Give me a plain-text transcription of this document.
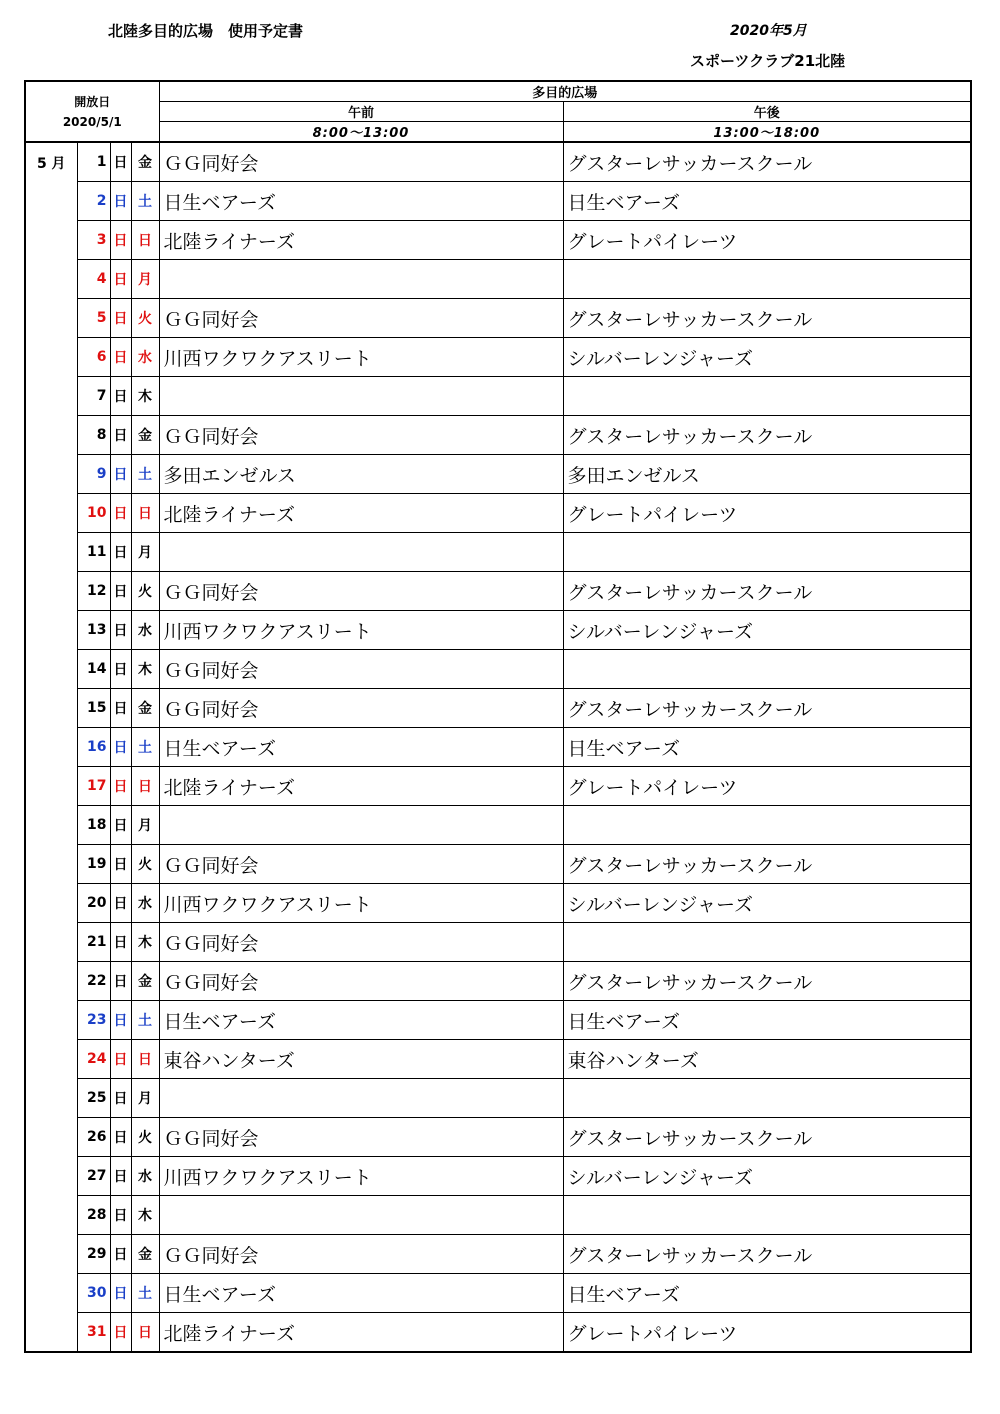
北陸多目的広場　使用予定書	2020年5月
スポーツクラブ21北陸
開放日
2020/5/1				多目的広場	
				午前	午後
				8:00～13:00	13:00～18:00
5 月	1	日	金	ＧＧ同好会	グスターレサッカースクール
	2	日	土	日生ベアーズ	日生ベアーズ
	3	日	日	北陸ライナーズ	グレートパイレーツ
	4	日	月		
	5	日	火	ＧＧ同好会	グスターレサッカースクール
	6	日	水	川西ワクワクアスリート	シルバーレンジャーズ
	7	日	木		
	8	日	金	ＧＧ同好会	グスターレサッカースクール
	9	日	土	多田エンゼルス	多田エンゼルス
	10	日	日	北陸ライナーズ	グレートパイレーツ
	11	日	月		
	12	日	火	ＧＧ同好会	グスターレサッカースクール
	13	日	水	川西ワクワクアスリート	シルバーレンジャーズ
	14	日	木	ＧＧ同好会	
	15	日	金	ＧＧ同好会	グスターレサッカースクール
	16	日	土	日生ベアーズ	日生ベアーズ
	17	日	日	北陸ライナーズ	グレートパイレーツ
	18	日	月		
	19	日	火	ＧＧ同好会	グスターレサッカースクール
	20	日	水	川西ワクワクアスリート	シルバーレンジャーズ
	21	日	木	ＧＧ同好会	
	22	日	金	ＧＧ同好会	グスターレサッカースクール
	23	日	土	日生ベアーズ	日生ベアーズ
	24	日	日	東谷ハンターズ	東谷ハンターズ
	25	日	月		
	26	日	火	ＧＧ同好会	グスターレサッカースクール
	27	日	水	川西ワクワクアスリート	シルバーレンジャーズ
	28	日	木		
	29	日	金	ＧＧ同好会	グスターレサッカースクール
	30	日	土	日生ベアーズ	日生ベアーズ
	31	日	日	北陸ライナーズ	グレートパイレーツ
